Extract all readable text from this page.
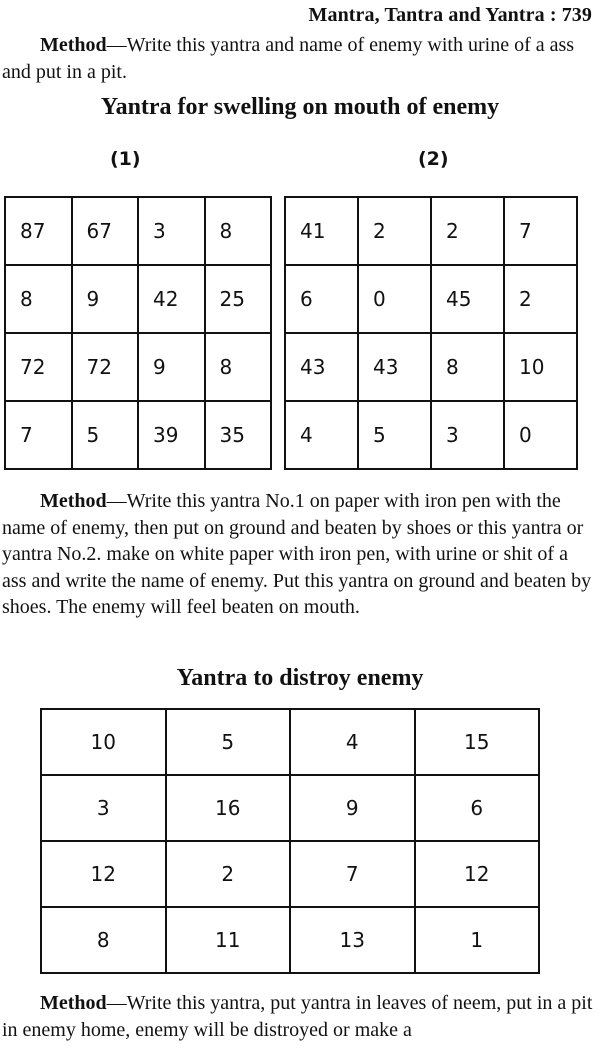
Mantra, Tantra and Yantra : 739

Method—Write this yantra and name of enemy with urine of a ass and put in a pit.

Yantra for swelling on mouth of enemy
(1)	(2)
87	67	3	8
8	9	42	25
72	72	9	8
7	5	39	35
41	2	2	7
6	0	45	2
43	43	8	10
4	5	3	0

Method—Write this yantra No.1 on paper with iron pen with the name of enemy, then put on ground and beaten by shoes or this yantra or yantra No.2. make on white paper with iron pen, with urine or shit of a ass and write the name of enemy. Put this yantra on ground and beaten by shoes. The enemy will feel beaten on mouth.

Yantra to distroy enemy
10	5	4	15
3	16	9	6
12	2	7	12
8	11	13	1

Method—Write this yantra, put yantra in leaves of neem, put in a pit in enemy home, enemy will be distroyed or make a
